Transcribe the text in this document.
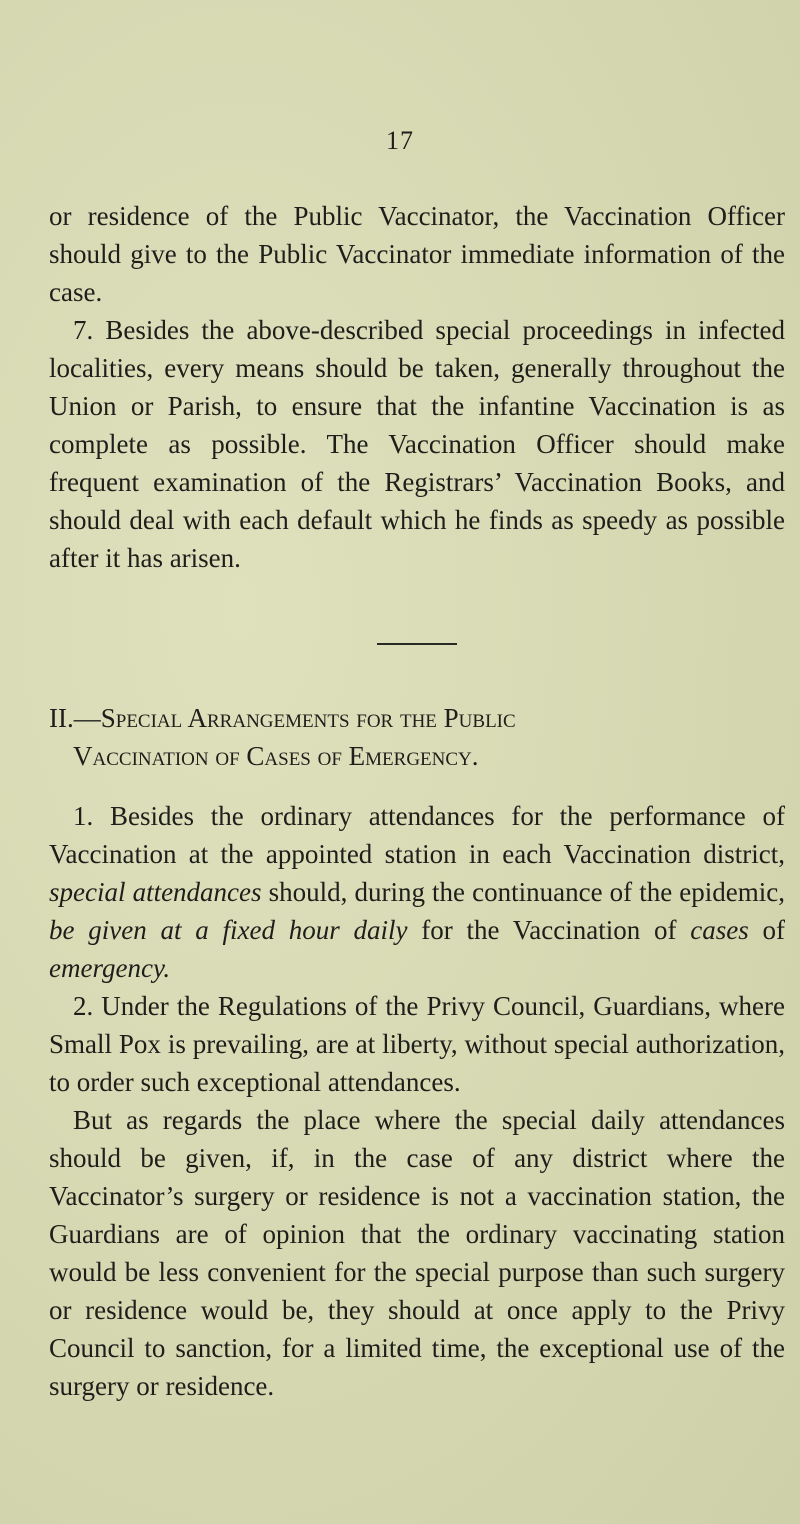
17

or residence of the Public Vaccinator, the Vaccination Officer should give to the Public Vaccinator immediate information of the case.

7. Besides the above-described special proceedings in infected localities, every means should be taken, generally throughout the Union or Parish, to ensure that the infantine Vaccination is as complete as possible. The Vaccination Officer should make frequent examination of the Registrars’ Vaccination Books, and should deal with each default which he finds as speedy as possible after it has arisen.

II.—Special Arrangements for the Public
Vaccination of Cases of Emergency.

1. Besides the ordinary attendances for the performance of Vaccination at the appointed station in each Vaccination district, special attendances should, during the continuance of the epidemic, be given at a fixed hour daily for the Vaccination of cases of emergency.

2. Under the Regulations of the Privy Council, Guardians, where Small Pox is prevailing, are at liberty, without special authorization, to order such exceptional attendances.

But as regards the place where the special daily attendances should be given, if, in the case of any district where the Vaccinator’s surgery or residence is not a vaccination station, the Guardians are of opinion that the ordinary vaccinating station would be less convenient for the special purpose than such surgery or residence would be, they should at once apply to the Privy Council to sanction, for a limited time, the exceptional use of the surgery or residence.
